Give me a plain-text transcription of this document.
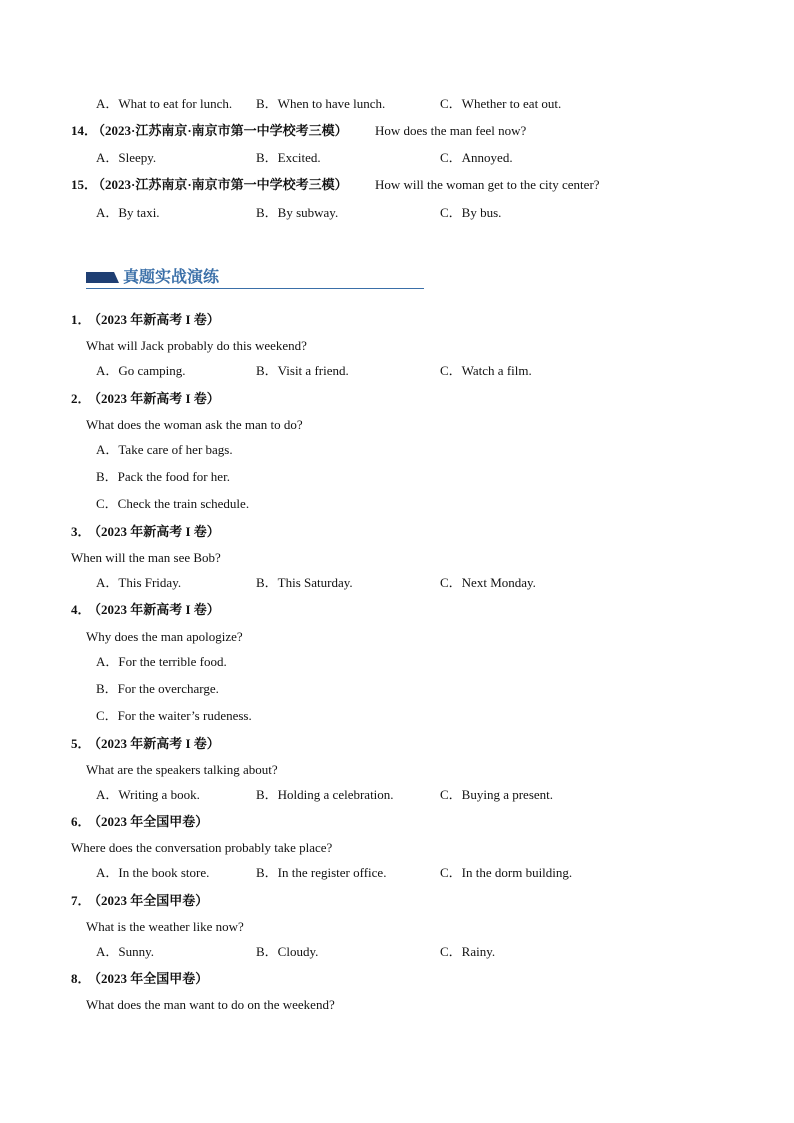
A．What to eat for lunch. B．When to have lunch.	C．Whether to eat out.
14．
（2023·江苏南京·南京市第一中学校考三模） How does the man feel now?
A．Sleepy.	B．Excited.	C．Annoyed.
15．
（2023·江苏南京·南京市第一中学校考三模） How will the woman get to the city center?
A．By taxi.	B．By subway.	C．By bus.
真题实战演练
1．
（2023 年新高考 I 卷）
What will Jack probably do this weekend?
A．Go camping.	B．Visit a friend.	C．Watch a film.
2．
（2023 年新高考 I 卷）
What does the woman ask the man to do?
A．Take care of her bags.
B．Pack the food for her.
C．Check the train schedule.
3．
（2023 年新高考 I 卷）
When will the man see Bob?
A．This Friday.	B．This Saturday.	C．Next Monday.
4．
（2023 年新高考 I 卷）
Why does the man apologize?
A．For the terrible food.
B．For the overcharge.
C．For the waiter’s rudeness.
5．
（2023 年新高考 I 卷）
What are the speakers talking about?
A．Writing a book.	B．Holding a celebration.	C．Buying a present.
6．
（2023 年全国甲卷）
Where does the conversation probably take place?
A．In the book store.	B．In the register office.	C．In the dorm building.
7．
（2023 年全国甲卷）
What is the weather like now?
A．Sunny.	B．Cloudy.	C．Rainy.
8．
（2023 年全国甲卷）
What does the man want to do on the weekend?
